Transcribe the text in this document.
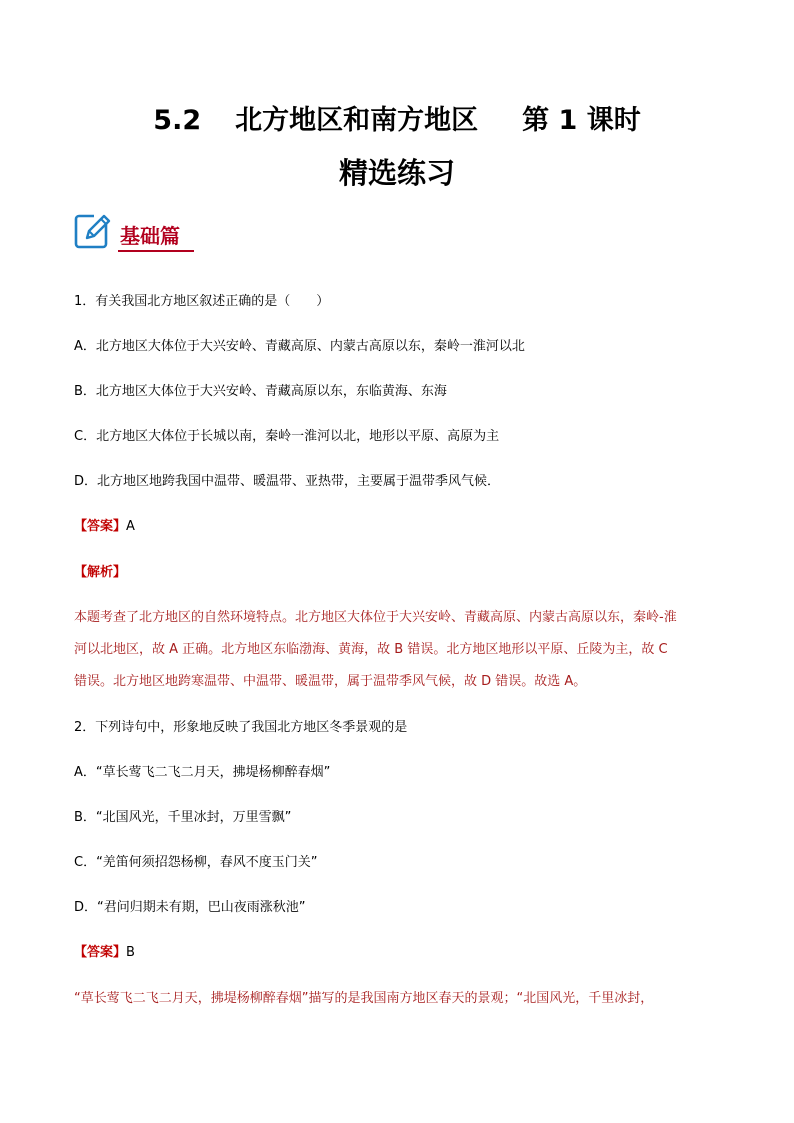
5.2 北方地区和南方地区 第 1 课时
精选练习
基础篇
1．有关我国北方地区叙述正确的是（　　）
A．北方地区大体位于大兴安岭、青藏高原、内蒙古高原以东，秦岭一淮河以北
B．北方地区大体位于大兴安岭、青藏高原以东，东临黄海、东海
C．北方地区大体位于长城以南，秦岭一淮河以北，地形以平原、高原为主
D．北方地区地跨我国中温带、暖温带、亚热带，主要属于温带季风气候．
【答案】A
【解析】
本题考查了北方地区的自然环境特点。北方地区大体位于大兴安岭、青藏高原、内蒙古高原以东，秦岭-淮
河以北地区，故 A 正确。北方地区东临渤海、黄海，故 B 错误。北方地区地形以平原、丘陵为主，故 C
错误。北方地区地跨寒温带、中温带、暖温带，属于温带季风气候，故 D 错误。故选 A。
2．下列诗句中，形象地反映了我国北方地区冬季景观的是
A．“草长莺飞二飞二月天，拂堤杨柳醉春烟”
B．“北国风光，千里冰封，万里雪飘”
C．“羌笛何须招怨杨柳，春风不度玉门关”
D．“君问归期未有期，巴山夜雨涨秋池”
【答案】B
“草长莺飞二飞二月天，拂堤杨柳醉春烟”描写的是我国南方地区春天的景观；“北国风光，千里冰封，
